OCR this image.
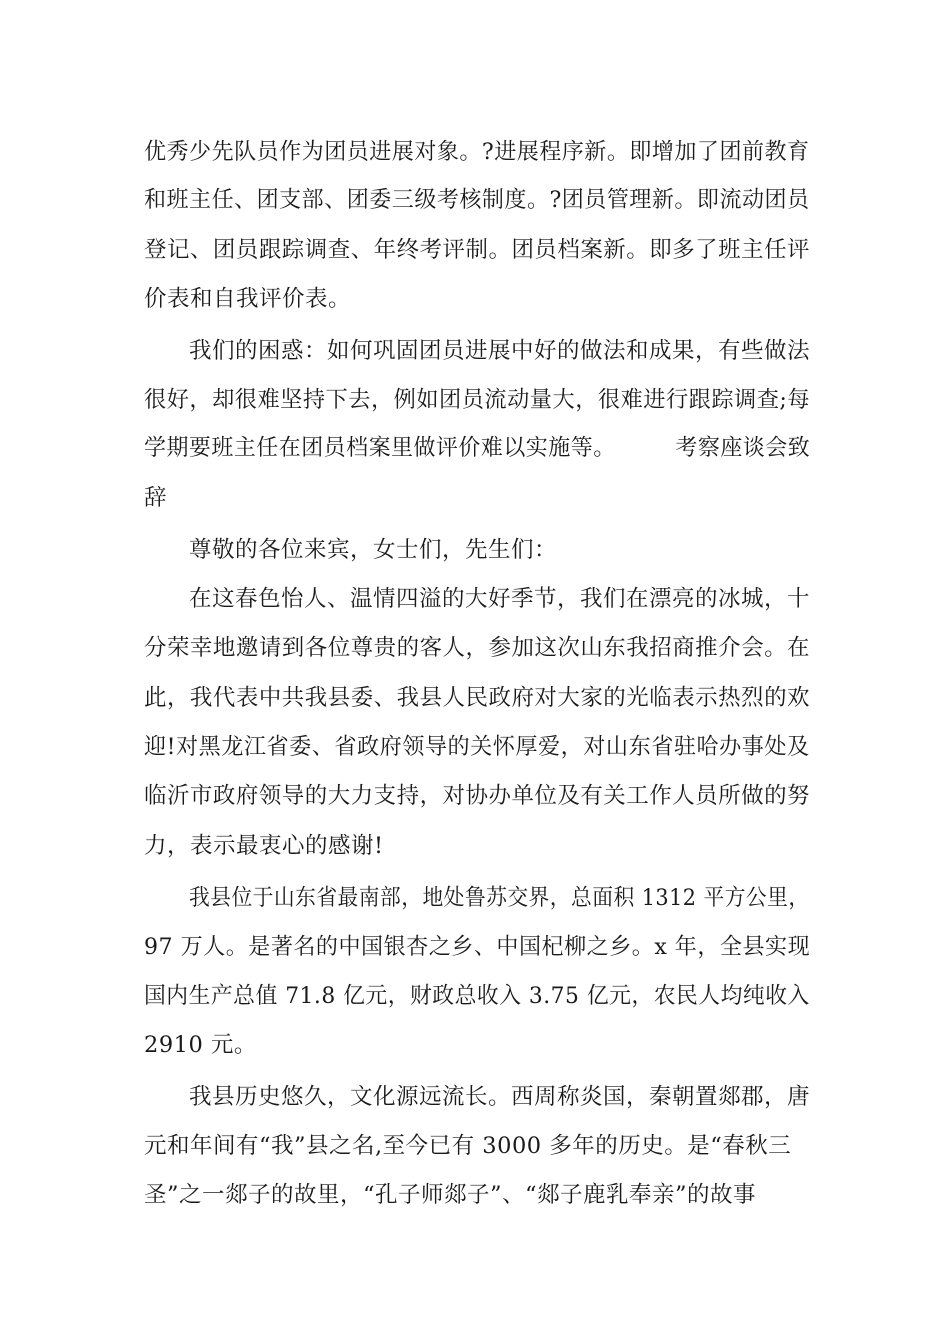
优秀少先队员作为团员进展对象。?进展程序新。即增加了团前教育
和班主任、团支部、团委三级考核制度。?团员管理新。即流动团员
登记、团员跟踪调查、年终考评制。团员档案新。即多了班主任评
价表和自我评价表。
我们的困惑：如何巩固团员进展中好的做法和成果，有些做法
很好，却很难坚持下去，例如团员流动量大，很难进行跟踪调查;每
学期要班主任在团员档案里做评价难以实施等。        考察座谈会致
辞
尊敬的各位来宾，女士们，先生们：
在这春色怡人、温情四溢的大好季节，我们在漂亮的冰城，十
分荣幸地邀请到各位尊贵的客人，参加这次山东我招商推介会。在
此，我代表中共我县委、我县人民政府对大家的光临表示热烈的欢
迎!对黑龙江省委、省政府领导的关怀厚爱，对山东省驻哈办事处及
临沂市政府领导的大力支持，对协办单位及有关工作人员所做的努
力，表示最衷心的感谢!
我县位于山东省最南部，地处鲁苏交界，总面积 1312 平方公里，
97 万人。是著名的中国银杏之乡、中国杞柳之乡。x 年，全县实现
国内生产总值 71.8 亿元，财政总收入 3.75 亿元，农民人均纯收入
2910 元。
我县历史悠久，文化源远流长。西周称炎国，秦朝置郯郡，唐
元和年间有“我”县之名,至今已有 3000 多年的历史。是“春秋三
圣”之一郯子的故里，“孔子师郯子”、“郯子鹿乳奉亲”的故事
